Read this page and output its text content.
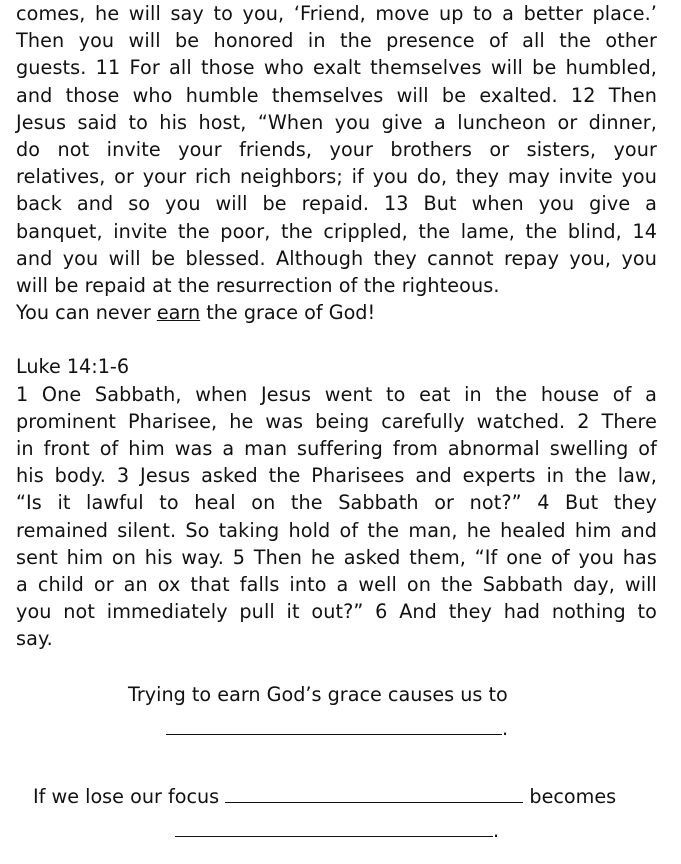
comes, he will say to you, ‘Friend, move up to a better place.’
Then you will be honored in the presence of all the other
guests. 11 For all those who exalt themselves will be humbled,
and those who humble themselves will be exalted. 12 Then
Jesus said to his host, “When you give a luncheon or dinner,
do not invite your friends, your brothers or sisters, your
relatives, or your rich neighbors; if you do, they may invite you
back and so you will be repaid. 13 But when you give a
banquet, invite the poor, the crippled, the lame, the blind, 14
and you will be blessed. Although they cannot repay you, you
will be repaid at the resurrection of the righteous.

You can never earn the grace of God!

Luke 14:1-6

1 One Sabbath, when Jesus went to eat in the house of a
prominent Pharisee, he was being carefully watched. 2 There
in front of him was a man suffering from abnormal swelling of
his body. 3 Jesus asked the Pharisees and experts in the law,
“Is it lawful to heal on the Sabbath or not?” 4 But they
remained silent. So taking hold of the man, he healed him and
sent him on his way. 5 Then he asked them, “If one of you has
a child or an ox that falls into a well on the Sabbath day, will
you not immediately pull it out?” 6 And they had nothing to
say.
Trying to earn God’s grace causes us to
.
If we lose our focus	becomes
.
